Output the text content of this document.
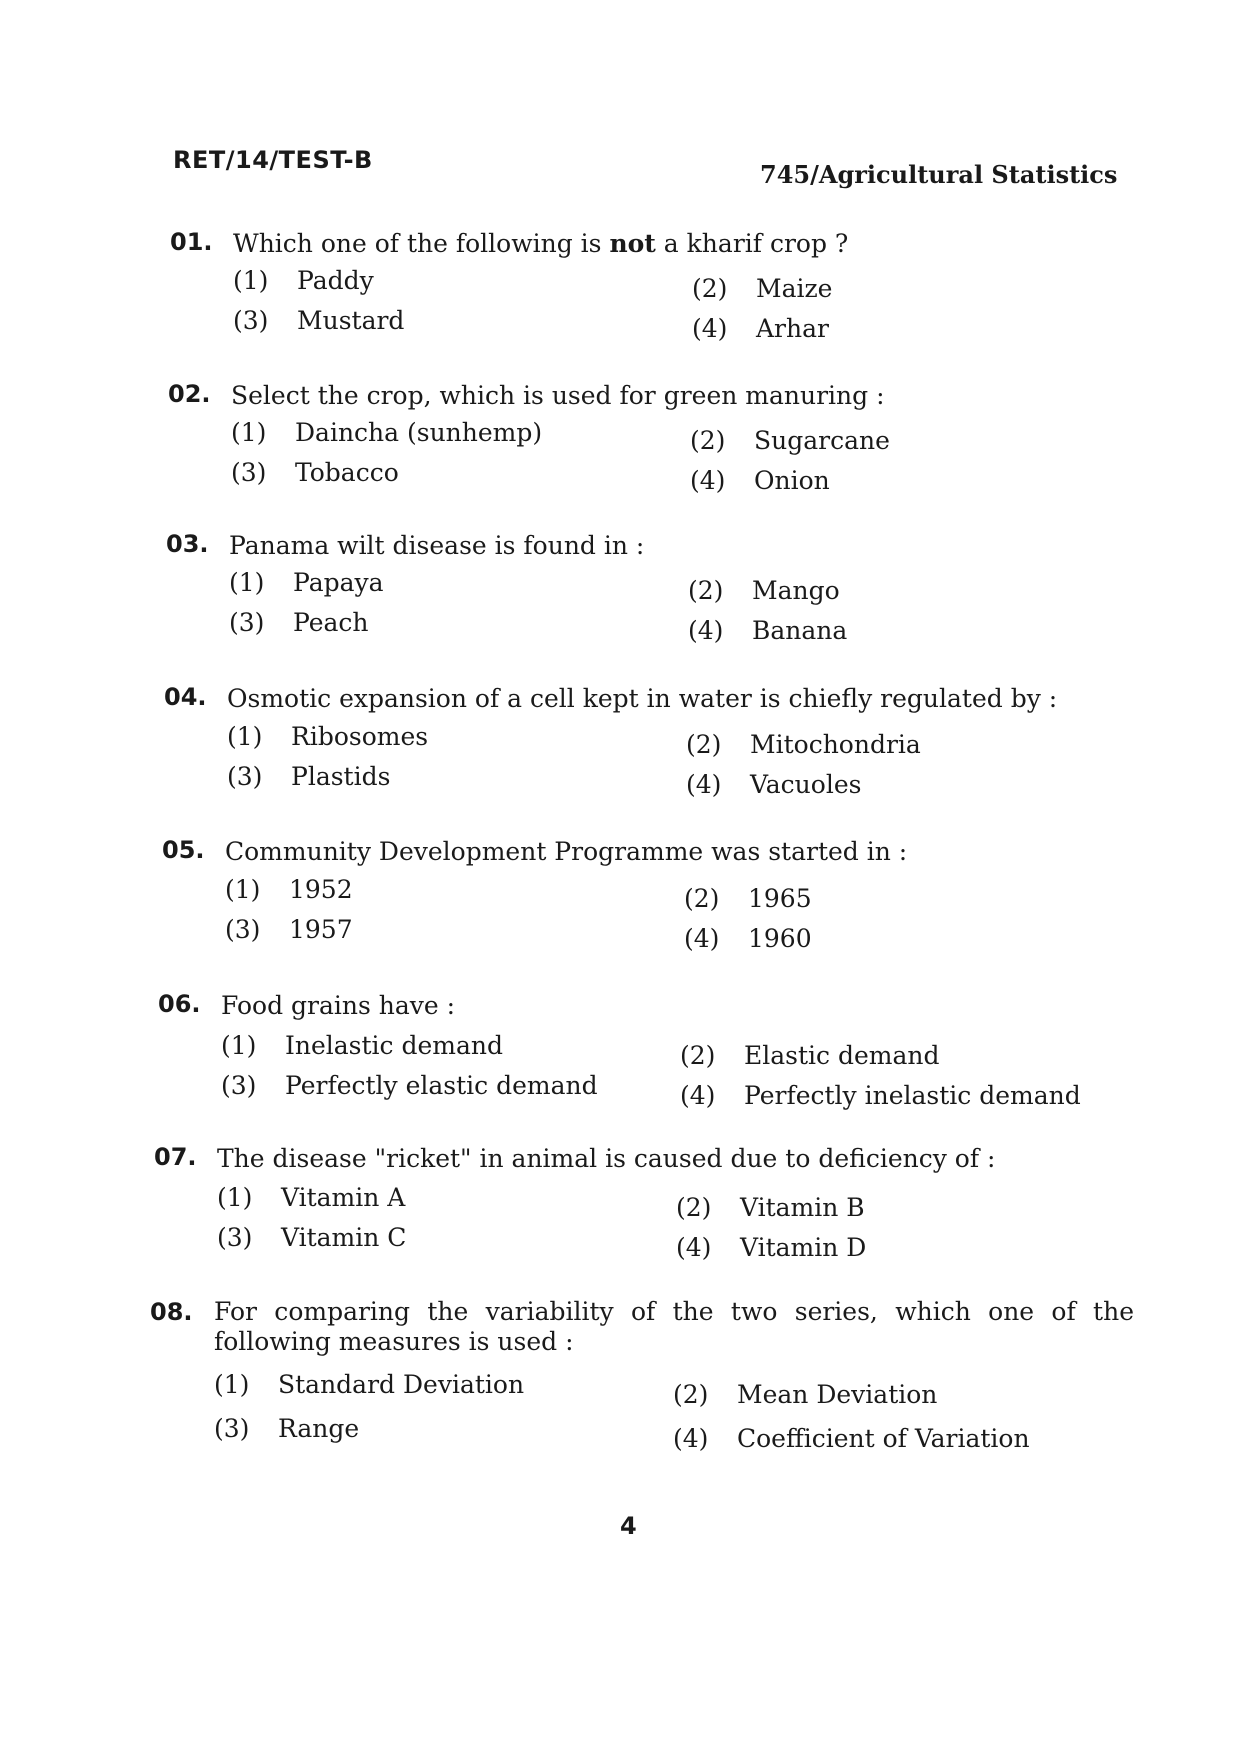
RET/14/TEST-B	745/Agricultural Statistics
01. Which one of the following is not a kharif crop ?
(1) Paddy	(2) Maize
(3) Mustard	(4) Arhar
02. Select the crop, which is used for green manuring :
(1) Daincha (sunhemp)	(2) Sugarcane
(3) Tobacco	(4) Onion
03. Panama wilt disease is found in :
(1) Papaya	(2) Mango
(3) Peach	(4) Banana
04. Osmotic expansion of a cell kept in water is chiefly regulated by :
(1) Ribosomes	(2) Mitochondria
(3) Plastids	(4) Vacuoles
05. Community Development Programme was started in :
(1) 1952	(2) 1965
(3) 1957	(4) 1960
06. Food grains have :
(1) Inelastic demand	(2) Elastic demand
(3) Perfectly elastic demand	(4) Perfectly inelastic demand
07. The disease "ricket" in animal is caused due to deficiency of :
(1) Vitamin A	(2) Vitamin B
(3) Vitamin C	(4) Vitamin D
08. For comparing the variability of the two series, which one of the following measures is used :
(1) Standard Deviation	(2) Mean Deviation
(3) Range	(4) Coefficient of Variation
4
